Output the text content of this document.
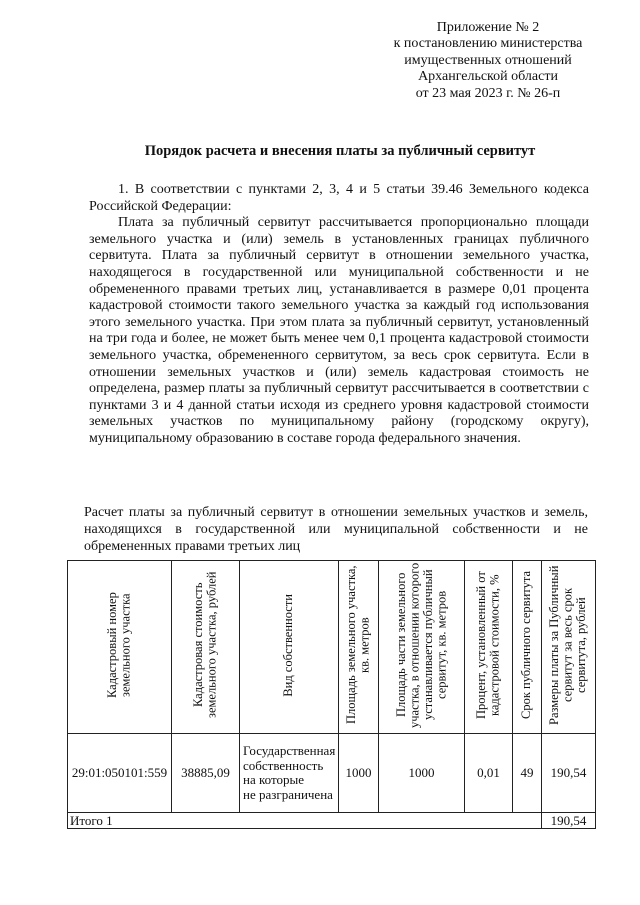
Приложение № 2
к постановлению министерства
имущественных отношений
Архангельской области
от 23 мая 2023 г. № 26-п
Порядок расчета и внесения платы за публичный сервитут

1. В соответствии с пунктами 2, 3, 4 и 5 статьи 39.46 Земельного кодекса Российской Федерации:

Плата за публичный сервитут рассчитывается пропорционально площади земельного участка и (или) земель в установленных границах публичного сервитута. Плата за публичный сервитут в отношении земельного участка, находящегося в государственной или муниципальной собственности и не обремененного правами третьих лиц, устанавливается в размере 0,01 процента кадастровой стоимости такого земельного участка за каждый год использования этого земельного участка. При этом плата за публичный сервитут, установленный на три года и более, не может быть менее чем 0,1 процента кадастровой стоимости земельного участка, обремененного сервитутом, за весь срок сервитута. Если в отношении земельных участков и (или) земель кадастровая стоимость не определена, размер платы за публичный сервитут рассчитывается в соответствии с пунктами 3 и 4 данной статьи исходя из среднего уровня кадастровой стоимости земельных участков по муниципальному району (городскому округу), муниципальному образованию в составе города федерального значения.

Расчет платы за публичный сервитут в отношении земельных участков и земель, находящихся в государственной или муниципальной собственности и не обремененных правами третьих лиц
Кадастровый номер земельного участка	Кадастровая стоимость земельного участка, рублей	Вид собственности	Площадь земельного участка, кв. метров	Площадь части земельного участка, в отношении которого устанавливается публичный сервитут, кв. метров	Процент, установленный от кадастровой стоимости, %	Срок публичного сервитута	Размеры платы за Публичный сервитут за весь срок сервитута, рублей
29:01:050101:559	38885,09	Государственная
собственность
на которые
не разграничена	1000	1000	0,01	49	190,54
Итого 1							190,54
